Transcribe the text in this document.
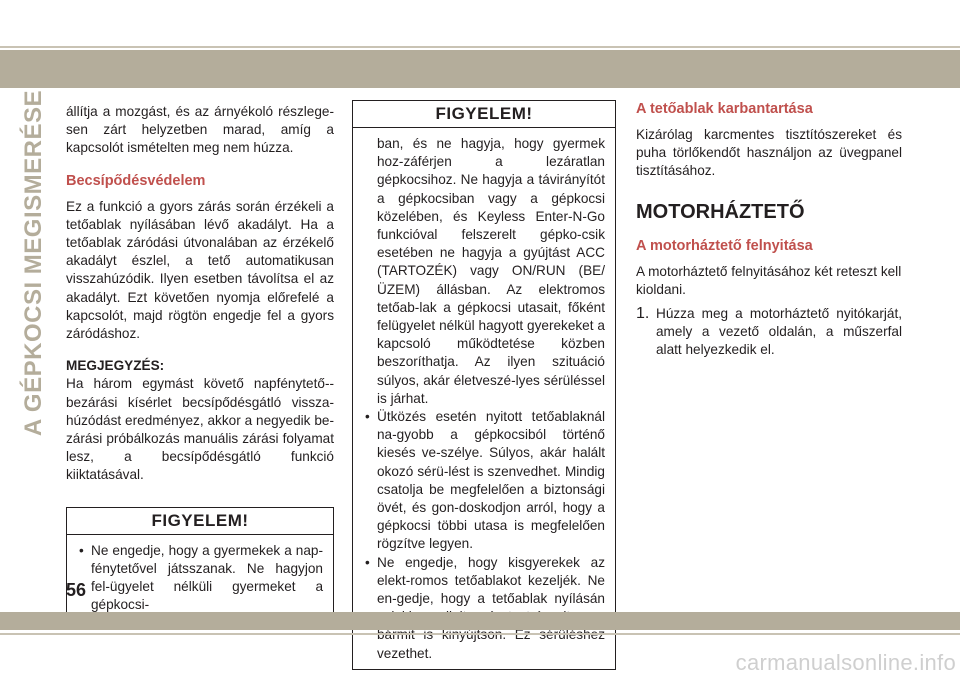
A GÉPKOCSI MEGISMERÉSE állítja a mozgást, és az árnyékoló részlege-sen zárt helyzetben marad, amíg a kapcsolót ismételten meg nem húzza.

Becsípődésvédelem

Ez a funkció a gyors zárás során érzékeli a tetőablak nyílásában lévő akadályt. Ha a tetőablak záródási útvonalában az érzékelő akadályt észlel, a tető automatikusan visszahúzódik. Ilyen esetben távolítsa el az akadályt. Ezt követően nyomja előrefelé a kapcsolót, majd rögtön engedje fel a gyors záródáshoz.

MEGJEGYZÉS:

Ha három egymást követő napfénytető--bezárási kísérlet becsípődésgátló vissza-húzódást eredményez, akkor a negyedik be-zárási próbálkozás manuális zárási folyamat lesz, a becsípődésgátló funkció kiiktatásával.

FIGYELEM!

• Ne engedje, hogy a gyermekek a nap-fénytetővel játsszanak. Ne hagyjon fel-ügyelet nélküli gyermeket a gépkocsi-

FIGYELEM!

ban, és ne hagyja, hogy gyermek hoz-záférjen a lezáratlan gépkocsihoz. Ne hagyja a távirányítót a gépkocsiban vagy a gépkocsi közelében, és Keyless Enter-N-Go funkcióval felszerelt gépko-csik esetében ne hagyja a gyújtást ACC (TARTOZÉK) vagy ON/RUN (BE/ÜZEM) állásban. Az elektromos tetőab-lak a gépkocsi utasait, főként felügyelet nélkül hagyott gyerekeket a kapcsoló működtetése közben beszoríthatja. Az ilyen szituáció súlyos, akár életveszé-lyes sérüléssel is járhat.

• Ütközés esetén nyitott tetőablaknál na-gyobb a gépkocsiból történő kiesés ve-szélye. Súlyos, akár halált okozó sérü-lést is szenvedhet. Mindig csatolja be megfelelően a biztonsági övét, és gon-doskodjon arról, hogy a gépkocsi többi utasa is megfelelően rögzítve legyen.

• Ne engedje, hogy kisgyerekek az elekt-romos tetőablakot kezeljék. Ne en-gedje, hogy a tetőablak nyílásán vezethet.

A tetőablak karbantartása

Kizárólag karcmentes tisztítószereket és puha törlőkendőt használjon az üvegpanel tisztításához.

MOTORHÁZTETŐ
A motorháztető felnyitása

A motorháztető felnyitásához két reteszt kell kioldani.

1. Húzza meg a motorháztető nyitókarját, amely a vezető oldalán, a műszerfal alatt helyezkedik el.

56
carmanualsonline.info
